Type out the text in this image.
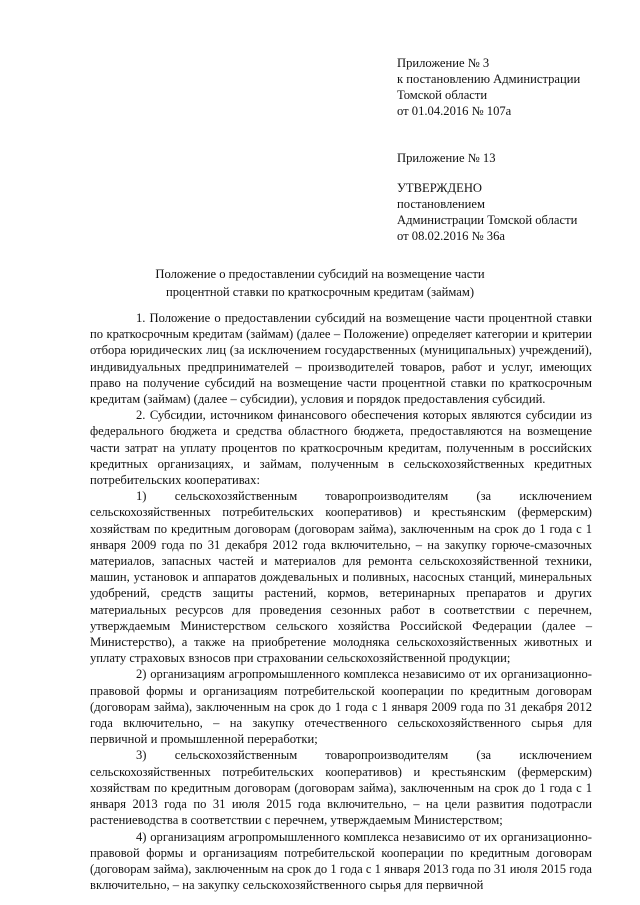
Приложение № 3
к постановлению Администрации
Томской области
от 01.04.2016 № 107а
Приложение № 13
УТВЕРЖДЕНО
постановлением
Администрации Томской области
от 08.02.2016 № 36а
Положение о предоставлении субсидий на возмещение части
процентной ставки по краткосрочным кредитам (займам)

1. Положение о предоставлении субсидий на возмещение части процентной ставки по краткосрочным кредитам (займам) (далее – Положение) определяет категории и критерии отбора юридических лиц (за исключением государственных (муниципальных) учреждений), индивидуальных предпринимателей – производителей товаров, работ и услуг, имеющих право на получение субсидий на возмещение части процентной ставки по краткосрочным кредитам (займам) (далее – субсидии), условия и порядок предоставления субсидий.

2. Субсидии, источником финансового обеспечения которых являются субсидии из федерального бюджета и средства областного бюджета, предоставляются на возмещение части затрат на уплату процентов по краткосрочным кредитам, полученным в российских кредитных организациях, и займам, полученным в сельскохозяйственных кредитных потребительских кооперативах:

1) сельскохозяйственным товаропроизводителям (за исключением сельскохозяйственных потребительских кооперативов) и крестьянским (фермерским) хозяйствам по кредитным договорам (договорам займа), заключенным на срок до 1 года с 1 января 2009 года по 31 декабря 2012 года включительно, – на закупку горюче-смазочных материалов, запасных частей и материалов для ремонта сельскохозяйственной техники, машин, установок и аппаратов дождевальных и поливных, насосных станций, минеральных удобрений, средств защиты растений, кормов, ветеринарных препаратов и других материальных ресурсов для проведения сезонных работ в соответствии с перечнем, утверждаемым Министерством сельского хозяйства Российской Федерации (далее – Министерство), а также на приобретение молодняка сельскохозяйственных животных и уплату страховых взносов при страховании сельскохозяйственной продукции;

2) организациям агропромышленного комплекса независимо от их организационно-правовой формы и организациям потребительской кооперации по кредитным договорам (договорам займа), заключенным на срок до 1 года с 1 января 2009 года по 31 декабря 2012 года включительно, – на закупку отечественного сельскохозяйственного сырья для первичной и промышленной переработки;

3) сельскохозяйственным товаропроизводителям (за исключением сельскохозяйственных потребительских кооперативов) и крестьянским (фермерским) хозяйствам по кредитным договорам (договорам займа), заключенным на срок до 1 года с 1 января 2013 года по 31 июля 2015 года включительно, – на цели развития подотрасли растениеводства в соответствии с перечнем, утверждаемым Министерством;

4) организациям агропромышленного комплекса независимо от их организационно-правовой формы и организациям потребительской кооперации по кредитным договорам (договорам займа), заключенным на срок до 1 года с 1 января 2013 года по 31 июля 2015 года включительно, – на закупку сельскохозяйственного сырья для первичной
